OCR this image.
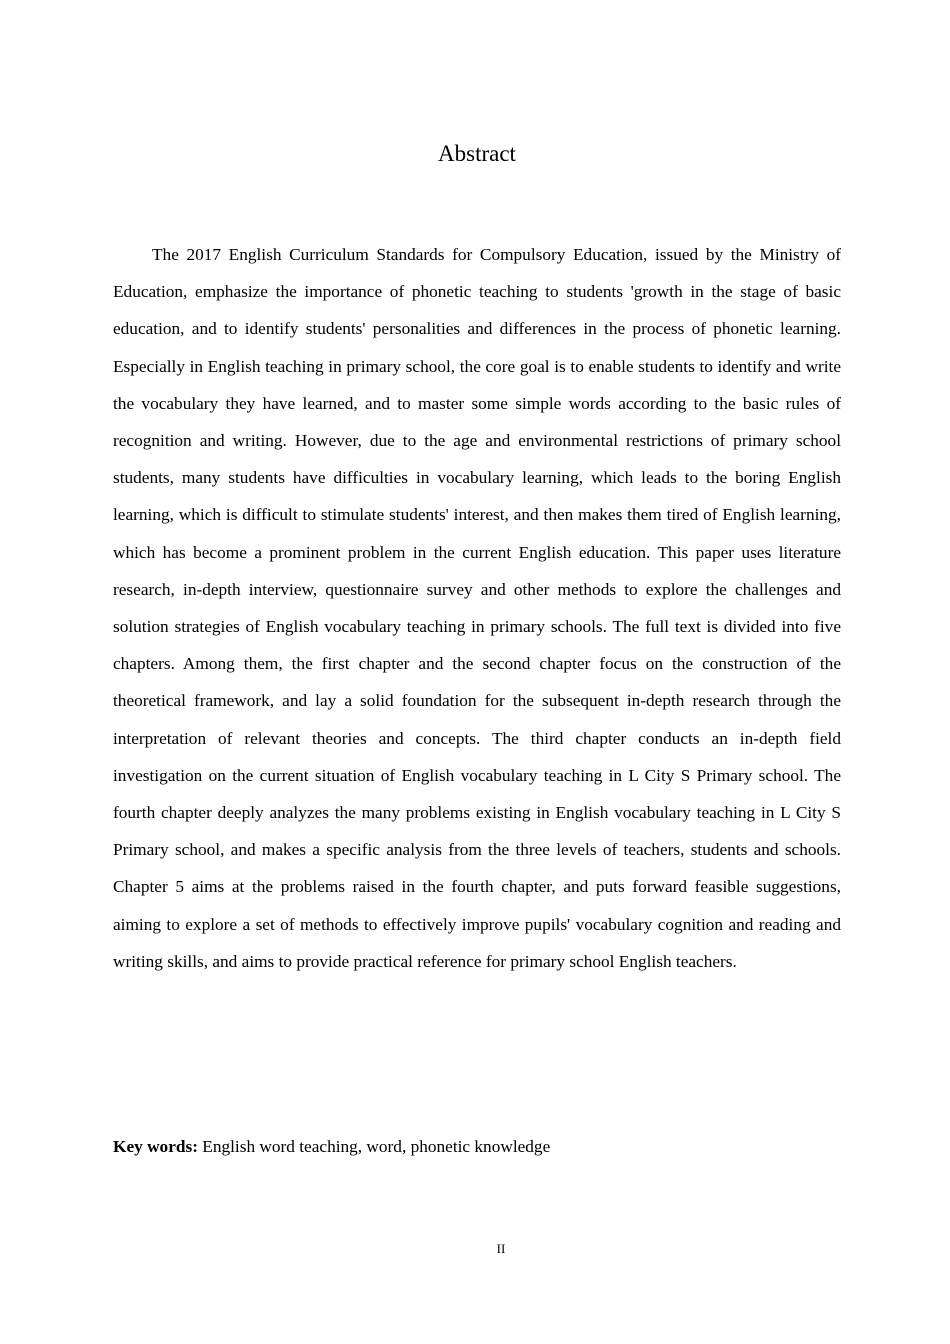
Abstract

The 2017 English Curriculum Standards for Compulsory Education, issued by the Ministry of Education, emphasize the importance of phonetic teaching to students 'growth in the stage of basic education, and to identify students' personalities and differences in the process of phonetic learning. Especially in English teaching in primary school, the core goal is to enable students to identify and write the vocabulary they have learned, and to master some simple words according to the basic rules of recognition and writing. However, due to the age and environmental restrictions of primary school students, many students have difficulties in vocabulary learning, which leads to the boring English learning, which is difficult to stimulate students' interest, and then makes them tired of English learning, which has become a prominent problem in the current English education. This paper uses literature research, in-depth interview, questionnaire survey and other methods to explore the challenges and solution strategies of English vocabulary teaching in primary schools. The full text is divided into five chapters. Among them, the first chapter and the second chapter focus on the construction of the theoretical framework, and lay a solid foundation for the subsequent in-depth research through the interpretation of relevant theories and concepts. The third chapter conducts an in-depth field investigation on the current situation of English vocabulary teaching in L City S Primary school. The fourth chapter deeply analyzes the many problems existing in English vocabulary teaching in L City S Primary school, and makes a specific analysis from the three levels of teachers, students and schools. Chapter 5 aims at the problems raised in the fourth chapter, and puts forward feasible suggestions, aiming to explore a set of methods to effectively improve pupils' vocabulary cognition and reading and writing skills, and aims to provide practical reference for primary school English teachers.

Key words: English word teaching, word, phonetic knowledge

II
